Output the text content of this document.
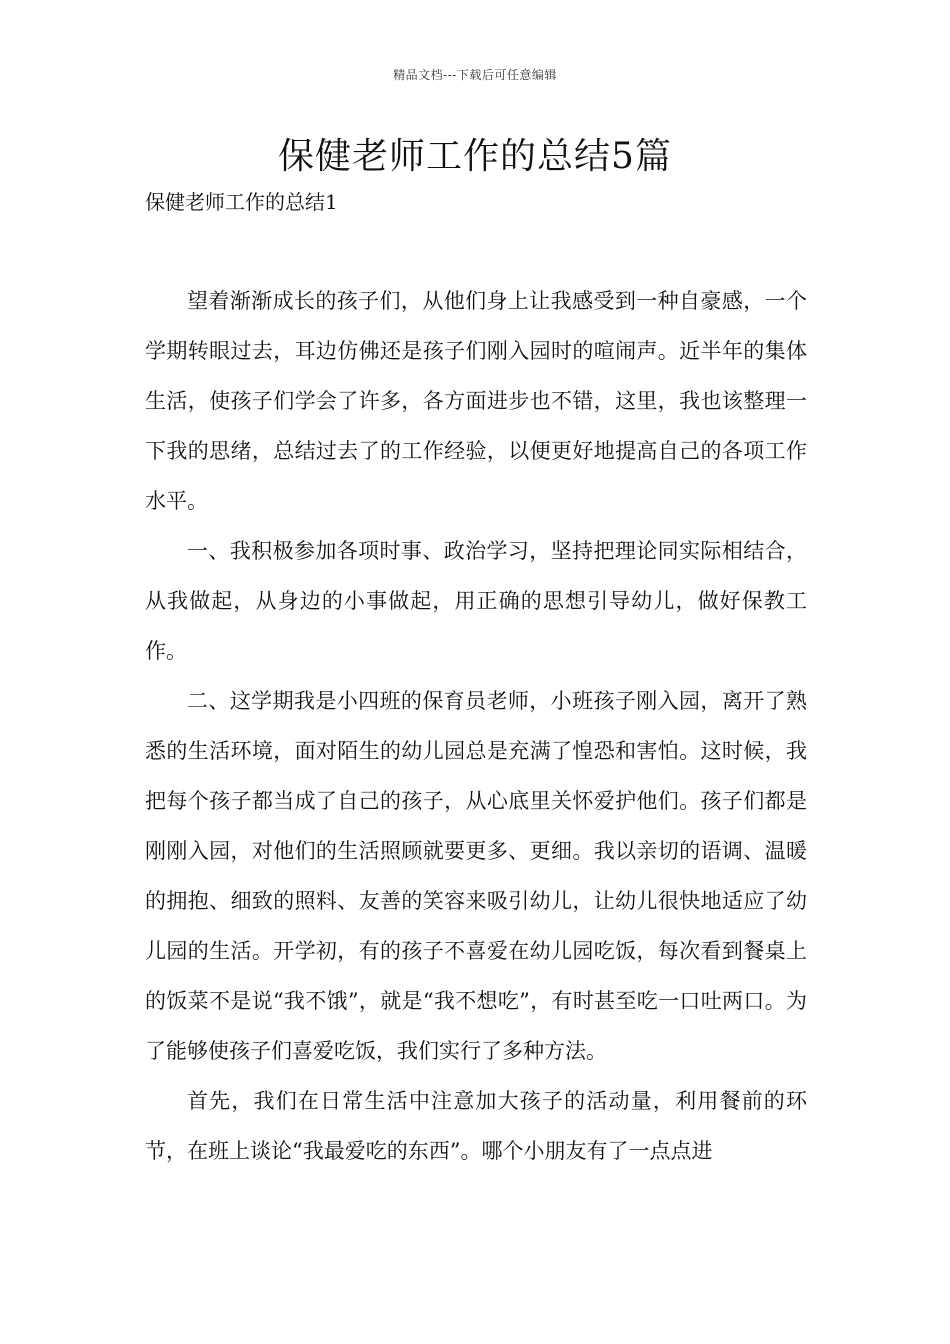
精品文档---下载后可任意编辑
保健老师工作的总结5篇
保健老师工作的总结1

望着渐渐成长的孩子们，从他们身上让我感受到一种自豪感，一个学期转眼过去，耳边仿佛还是孩子们刚入园时的喧闹声。近半年的集体生活，使孩子们学会了许多，各方面进步也不错，这里，我也该整理一下我的思绪，总结过去了的工作经验，以便更好地提高自己的各项工作水平。

一、我积极参加各项时事、政治学习，坚持把理论同实际相结合，从我做起，从身边的小事做起，用正确的思想引导幼儿，做好保教工作。

二、这学期我是小四班的保育员老师，小班孩子刚入园，离开了熟悉的生活环境，面对陌生的幼儿园总是充满了惶恐和害怕。这时候，我把每个孩子都当成了自己的孩子，从心底里关怀爱护他们。孩子们都是刚刚入园，对他们的生活照顾就要更多、更细。我以亲切的语调、温暖的拥抱、细致的照料、友善的笑容来吸引幼儿，让幼儿很快地适应了幼儿园的生活。开学初，有的孩子不喜爱在幼儿园吃饭，每次看到餐桌上的饭菜不是说“我不饿”，就是“我不想吃”，有时甚至吃一口吐两口。为了能够使孩子们喜爱吃饭，我们实行了多种方法。

首先，我们在日常生活中注意加大孩子的活动量，利用餐前的环节，在班上谈论“我最爱吃的东西”。哪个小朋友有了一点点进
